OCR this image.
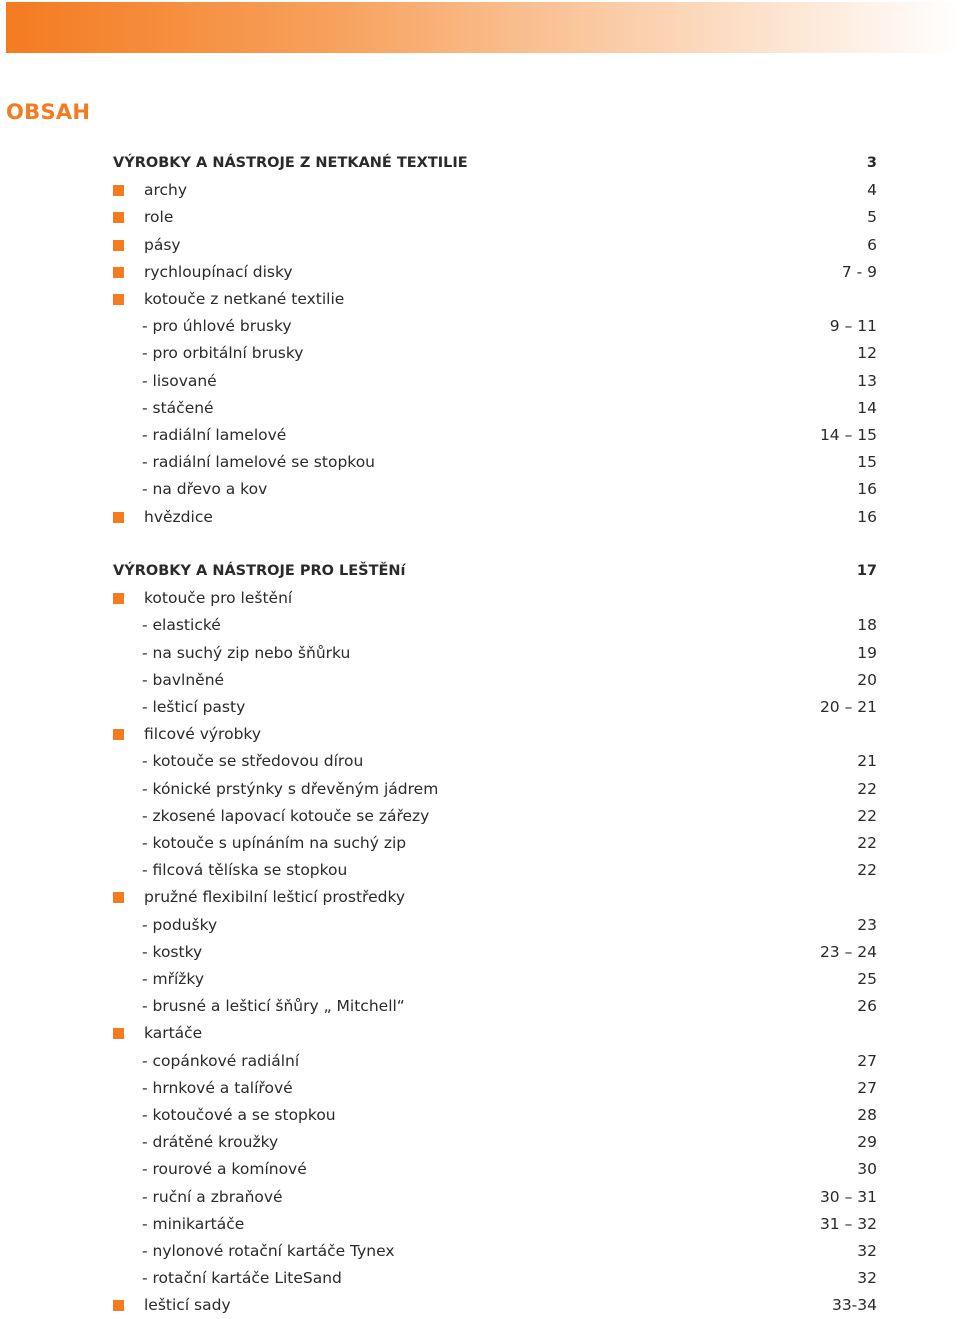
OBSAH
VÝROBKY A NÁSTROJE Z NETKANÉ TEXTILIE	3
archy	4
role	5
pásy	6
rychloupínací disky	7 - 9
kotouče z netkané textilie
- pro úhlové brusky	9 – 11
- pro orbitální brusky	12
- lisované	13
- stáčené	14
- radiální lamelové	14 – 15
- radiální lamelové se stopkou	15
- na dřevo a kov	16
hvězdice	16
VÝROBKY A NÁSTROJE PRO LEŠTĚNí	17
kotouče pro leštění
- elastické	18
- na suchý zip nebo šňůrku	19
- bavlněné	20
- lešticí pasty	20 – 21
filcové výrobky
- kotouče se středovou dírou	21
- kónické prstýnky s dřevěným jádrem	22
- zkosené lapovací kotouče se zářezy	22
- kotouče s upínáním na suchý zip	22
- filcová tělíska se stopkou	22
pružné flexibilní lešticí prostředky
- podušky	23
- kostky	23 – 24
- mřížky	25
- brusné a lešticí šňůry „ Mitchell“	26
kartáče
- copánkové radiální	27
- hrnkové a talířové	27
- kotoučové a se stopkou	28
- drátěné kroužky	29
- rourové a komínové	30
- ruční a zbraňové	30 – 31
- minikartáče	31 – 32
- nylonové rotační kartáče Tynex	32
- rotační kartáče LiteSand	32
lešticí sady	33-34
